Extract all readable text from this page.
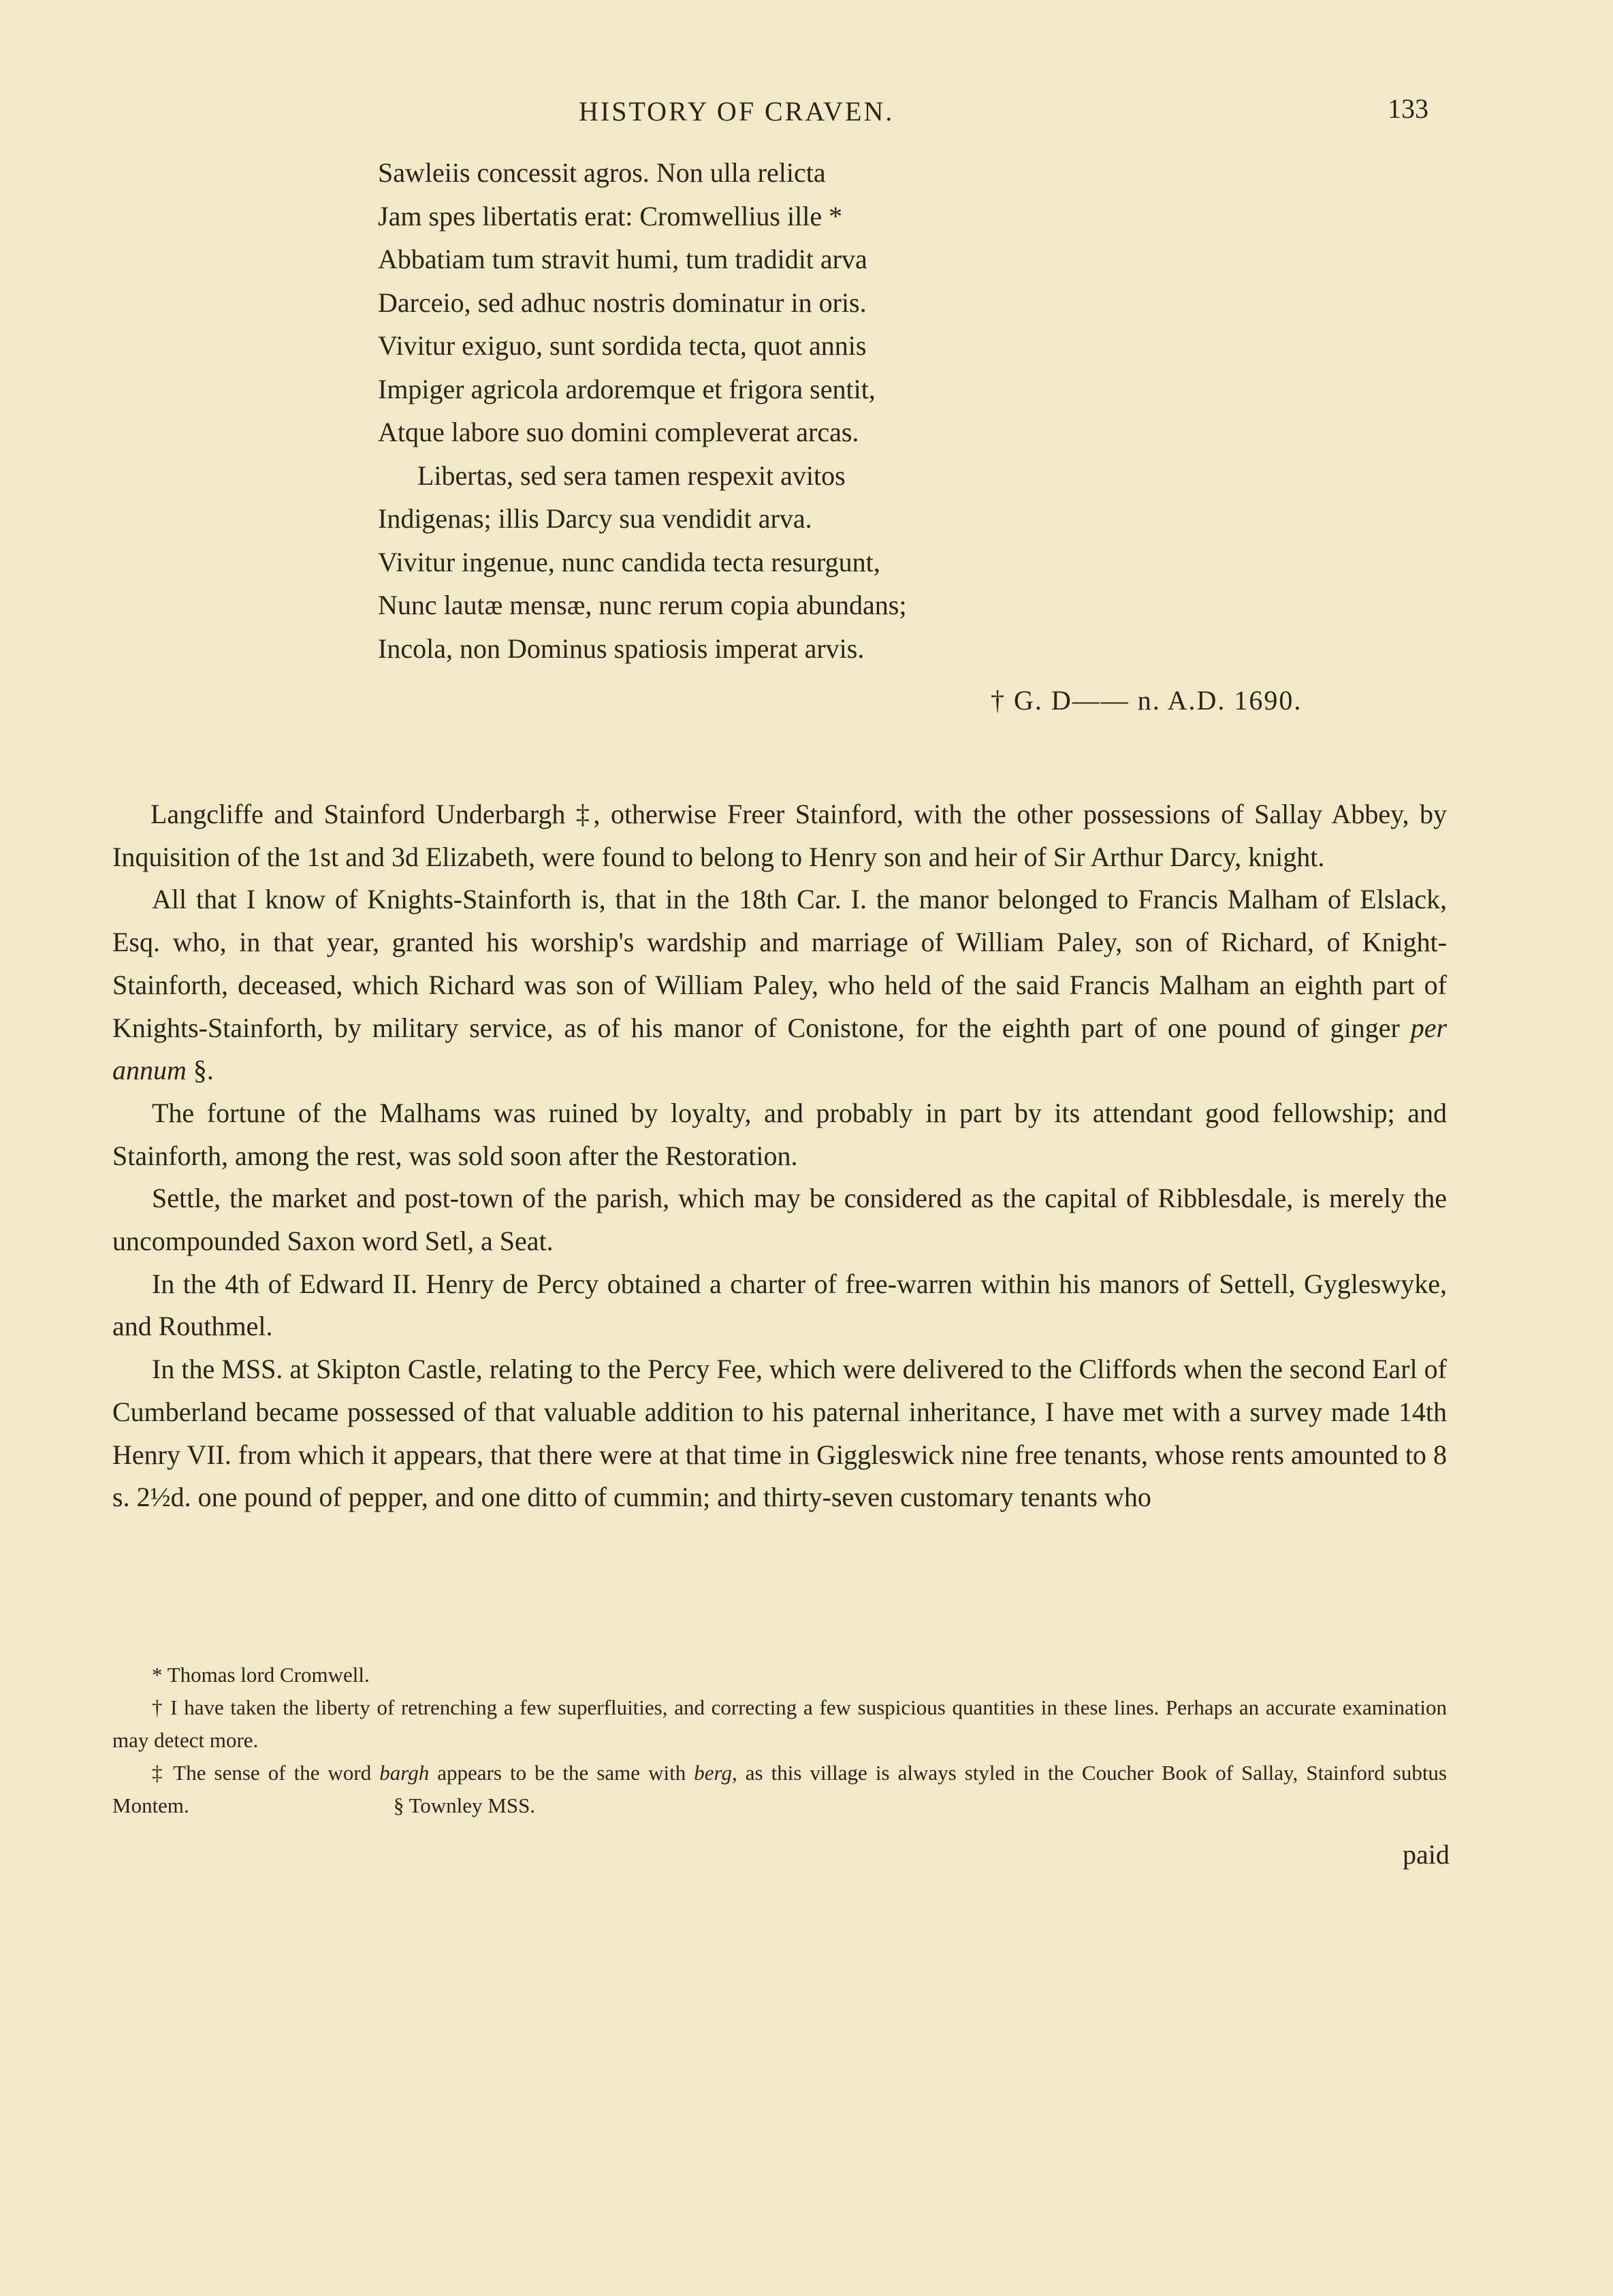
HISTORY OF CRAVEN.	133
Sawleiis concessit agros. Non ulla relicta
Jam spes libertatis erat: Cromwellius ille *
Abbatiam tum stravit humi, tum tradidit arva
Darceio, sed adhuc nostris dominatur in oris.
Vivitur exiguo, sunt sordida tecta, quot annis
Impiger agricola ardoremque et frigora sentit,
Atque labore suo domini compleverat arcas.
Libertas, sed sera tamen respexit avitos
Indigenas; illis Darcy sua vendidit arva.
Vivitur ingenue, nunc candida tecta resurgunt,
Nunc lautæ mensæ, nunc rerum copia abundans;
Incola, non Dominus spatiosis imperat arvis.
† G. D—— n. A.D. 1690.

Langcliffe and Stainford Underbargh ‡, otherwise Freer Stainford, with the other possessions of Sallay Abbey, by Inquisition of the 1st and 3d Elizabeth, were found to belong to Henry son and heir of Sir Arthur Darcy, knight.

All that I know of Knights-Stainforth is, that in the 18th Car. I. the manor belonged to Francis Malham of Elslack, Esq. who, in that year, granted his worship's wardship and marriage of William Paley, son of Richard, of Knight-Stainforth, deceased, which Richard was son of William Paley, who held of the said Francis Malham an eighth part of Knights-Stainforth, by military service, as of his manor of Conistone, for the eighth part of one pound of ginger per annum §.

The fortune of the Malhams was ruined by loyalty, and probably in part by its attendant good fellowship; and Stainforth, among the rest, was sold soon after the Restoration.

Settle, the market and post-town of the parish, which may be considered as the capital of Ribblesdale, is merely the uncompounded Saxon word Setl, a Seat.

In the 4th of Edward II. Henry de Percy obtained a charter of free-warren within his manors of Settell, Gygleswyke, and Routhmel.

In the MSS. at Skipton Castle, relating to the Percy Fee, which were delivered to the Cliffords when the second Earl of Cumberland became possessed of that valuable addition to his paternal inheritance, I have met with a survey made 14th Henry VII. from which it appears, that there were at that time in Giggleswick nine free tenants, whose rents amounted to 8 s. 2½d. one pound of pepper, and one ditto of cummin; and thirty-seven customary tenants who

* Thomas lord Cromwell.

† I have taken the liberty of retrenching a few superfluities, and correcting a few suspicious quantities in these lines. Perhaps an accurate examination may detect more.

‡ The sense of the word bargh appears to be the same with berg, as this village is always styled in the Coucher Book of Sallay, Stainford subtus Montem.	§ Townley MSS.

paid
